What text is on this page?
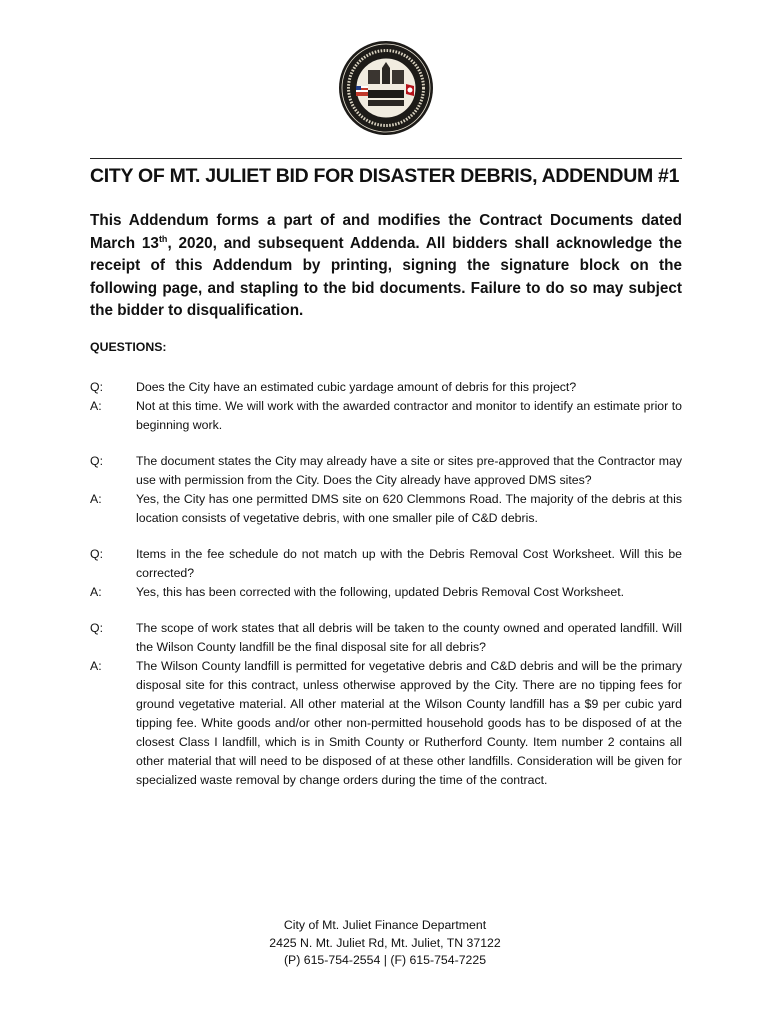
CITY OF MT. JULIET BID FOR DISASTER DEBRIS, ADDENDUM #1
This Addendum forms a part of and modifies the Contract Documents dated March 13th, 2020, and subsequent Addenda. All bidders shall acknowledge the receipt of this Addendum by printing, signing the signature block on the following page, and stapling to the bid documents. Failure to do so may subject the bidder to disqualification.
QUESTIONS:
Q:	Does the City have an estimated cubic yardage amount of debris for this project?
A:	Not at this time. We will work with the awarded contractor and monitor to identify an estimate prior to beginning work.
Q:	The document states the City may already have a site or sites pre-approved that the Contractor may use with permission from the City. Does the City already have approved DMS sites?
A:	Yes, the City has one permitted DMS site on 620 Clemmons Road. The majority of the debris at this location consists of vegetative debris, with one smaller pile of C&D debris.
Q:	Items in the fee schedule do not match up with the Debris Removal Cost Worksheet. Will this be corrected?
A:	Yes, this has been corrected with the following, updated Debris Removal Cost Worksheet.
Q:	The scope of work states that all debris will be taken to the county owned and operated landfill. Will the Wilson County landfill be the final disposal site for all debris?
A:	The Wilson County landfill is permitted for vegetative debris and C&D debris and will be the primary disposal site for this contract, unless otherwise approved by the City. There are no tipping fees for ground vegetative material. All other material at the Wilson County landfill has a $9 per cubic yard tipping fee. White goods and/or other non-permitted household goods has to be disposed of at the closest Class I landfill, which is in Smith County or Rutherford County. Item number 2 contains all other material that will need to be disposed of at these other landfills. Consideration will be given for specialized waste removal by change orders during the time of the contract.
City of Mt. Juliet Finance Department
2425 N. Mt. Juliet Rd, Mt. Juliet, TN 37122
(P) 615-754-2554 | (F) 615-754-7225
